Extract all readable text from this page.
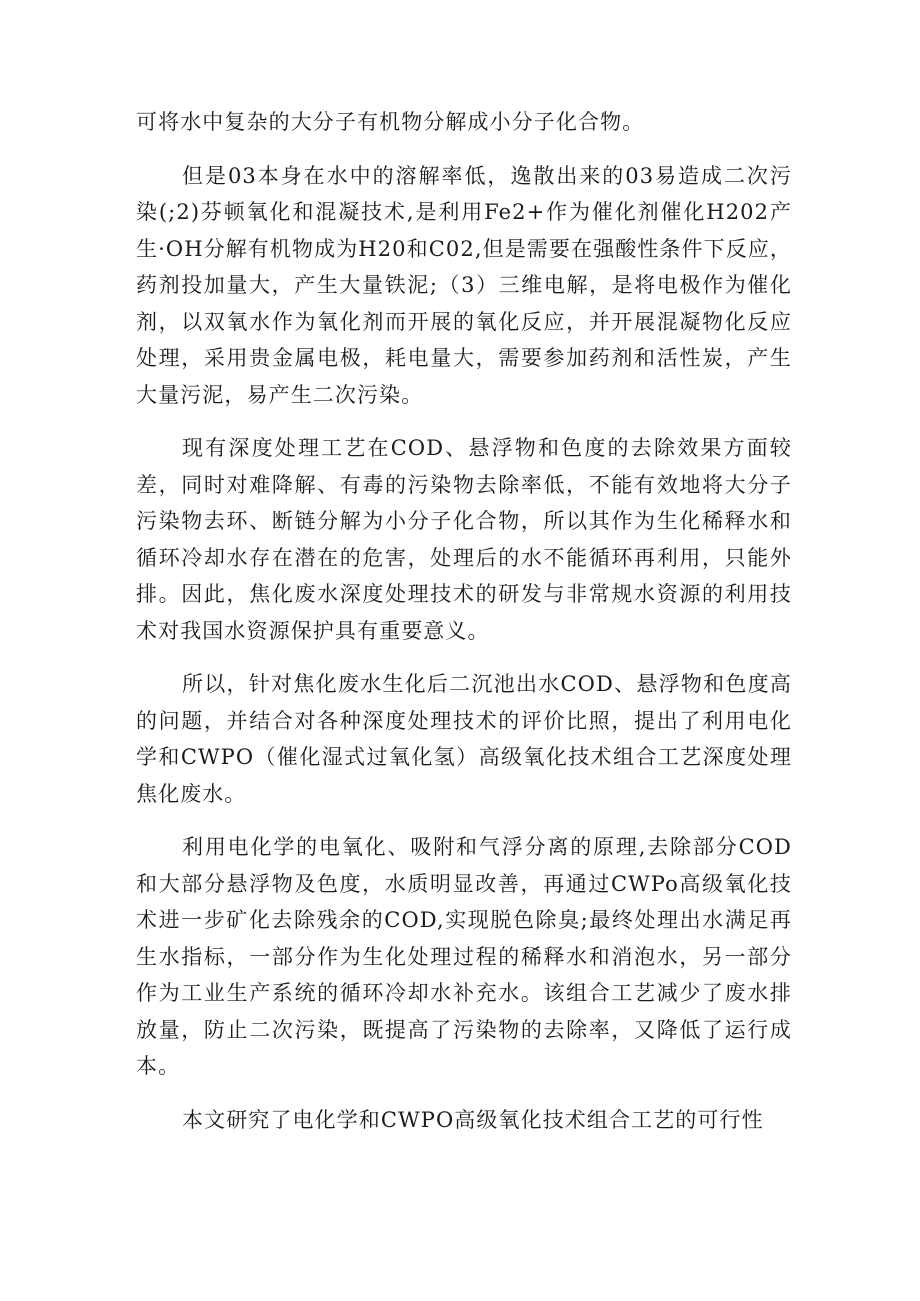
可将水中复杂的大分子有机物分解成小分子化合物。

但是03本身在水中的溶解率低，逸散出来的03易造成二次污染(;2)芬顿氧化和混凝技术,是利用Fe2+作为催化剂催化H202产生·OH分解有机物成为H20和C02,但是需要在强酸性条件下反应，药剂投加量大，产生大量铁泥;（3）三维电解，是将电极作为催化剂，以双氧水作为氧化剂而开展的氧化反应，并开展混凝物化反应处理，采用贵金属电极，耗电量大，需要参加药剂和活性炭，产生大量污泥，易产生二次污染。

现有深度处理工艺在COD、悬浮物和色度的去除效果方面较差，同时对难降解、有毒的污染物去除率低，不能有效地将大分子污染物去环、断链分解为小分子化合物，所以其作为生化稀释水和循环冷却水存在潜在的危害，处理后的水不能循环再利用，只能外排。因此，焦化废水深度处理技术的研发与非常规水资源的利用技术对我国水资源保护具有重要意义。

所以，针对焦化废水生化后二沉池出水COD、悬浮物和色度高的问题，并结合对各种深度处理技术的评价比照，提出了利用电化学和CWPO（催化湿式过氧化氢）高级氧化技术组合工艺深度处理焦化废水。

利用电化学的电氧化、吸附和气浮分离的原理,去除部分COD和大部分悬浮物及色度，水质明显改善，再通过CWPo高级氧化技术进一步矿化去除残余的COD,实现脱色除臭;最终处理出水满足再生水指标，一部分作为生化处理过程的稀释水和消泡水，另一部分作为工业生产系统的循环冷却水补充水。该组合工艺减少了废水排放量，防止二次污染，既提高了污染物的去除率，又降低了运行成本。

本文研究了电化学和CWPO高级氧化技术组合工艺的可行性
